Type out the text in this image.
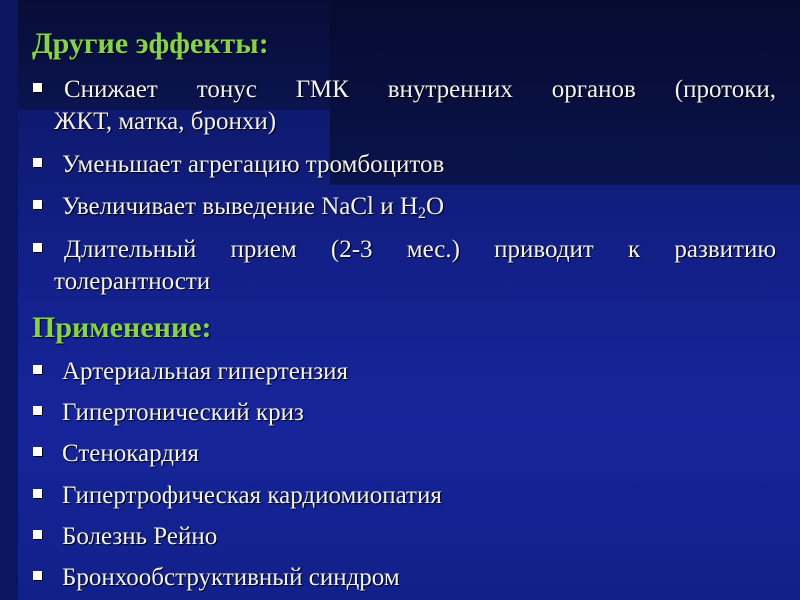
Другие эффекты:
Снижает тонус ГМК внутренних органов (протоки,
ЖКТ, матка, бронхи)
Уменьшает агрегацию тромбоцитов
Увеличивает выведение NaCl и $H_2O$
Длительный прием (2-3 мес.) приводит к развитию
толерантности
Применение:
Артериальная гипертензия
Гипертонический криз
Стенокардия
Гипертрофическая кардиомиопатия
Болезнь Рейно
Бронхообструктивный синдром
